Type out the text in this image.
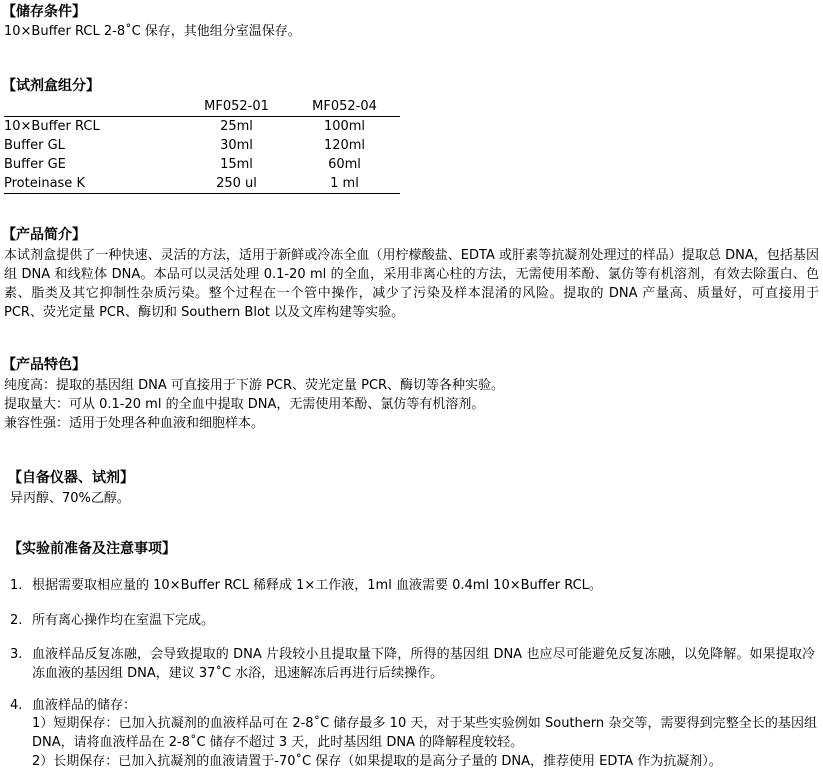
【储存条件】
10×Buffer RCL 2-8˚C 保存，其他组分室温保存。
【试剂盒组分】
	MF052-01	MF052-04
10×Buffer RCL	25ml	100ml
Buffer GL	30ml	120ml
Buffer GE	15ml	60ml
Proteinase K	250 ul	1 ml
【产品简介】
本试剂盒提供了一种快速、灵活的方法，适用于新鲜或冷冻全血（用柠檬酸盐、EDTA 或肝素等抗凝剂处理过的样品）提取总 DNA，包括基因组 DNA 和线粒体 DNA。本品可以灵活处理 0.1-20 ml 的全血，采用非离心柱的方法，无需使用苯酚、氯仿等有机溶剂，有效去除蛋白、色素、脂类及其它抑制性杂质污染。整个过程在一个管中操作，减少了污染及样本混淆的风险。提取的 DNA 产量高、质量好，可直接用于 PCR、荧光定量 PCR、酶切和 Southern Blot 以及文库构建等实验。
【产品特色】
纯度高：提取的基因组 DNA 可直接用于下游 PCR、荧光定量 PCR、酶切等各种实验。
提取量大：可从 0.1-20 ml 的全血中提取 DNA，无需使用苯酚、氯仿等有机溶剂。
兼容性强：适用于处理各种血液和细胞样本。
【自备仪器、试剂】
异丙醇、70%乙醇。
【实验前准备及注意事项】
1. 根据需要取相应量的 10×Buffer RCL 稀释成 1×工作液，1ml 血液需要 0.4ml 10×Buffer RCL。
2. 所有离心操作均在室温下完成。
3. 血液样品反复冻融，会导致提取的 DNA 片段较小且提取量下降，所得的基因组 DNA 也应尽可能避免反复冻融，以免降解。如果提取冷冻血液的基因组 DNA，建议 37˚C 水浴，迅速解冻后再进行后续操作。
4. 血液样品的储存：
1）短期保存：已加入抗凝剂的血液样品可在 2-8˚C 储存最多 10 天，对于某些实验例如 Southern 杂交等，需要得到完整全长的基因组 DNA，请将血液样品在 2-8˚C 储存不超过 3 天，此时基因组 DNA 的降解程度较轻。
2）长期保存：已加入抗凝剂的血液请置于-70˚C 保存（如果提取的是高分子量的 DNA，推荐使用 EDTA 作为抗凝剂）。
